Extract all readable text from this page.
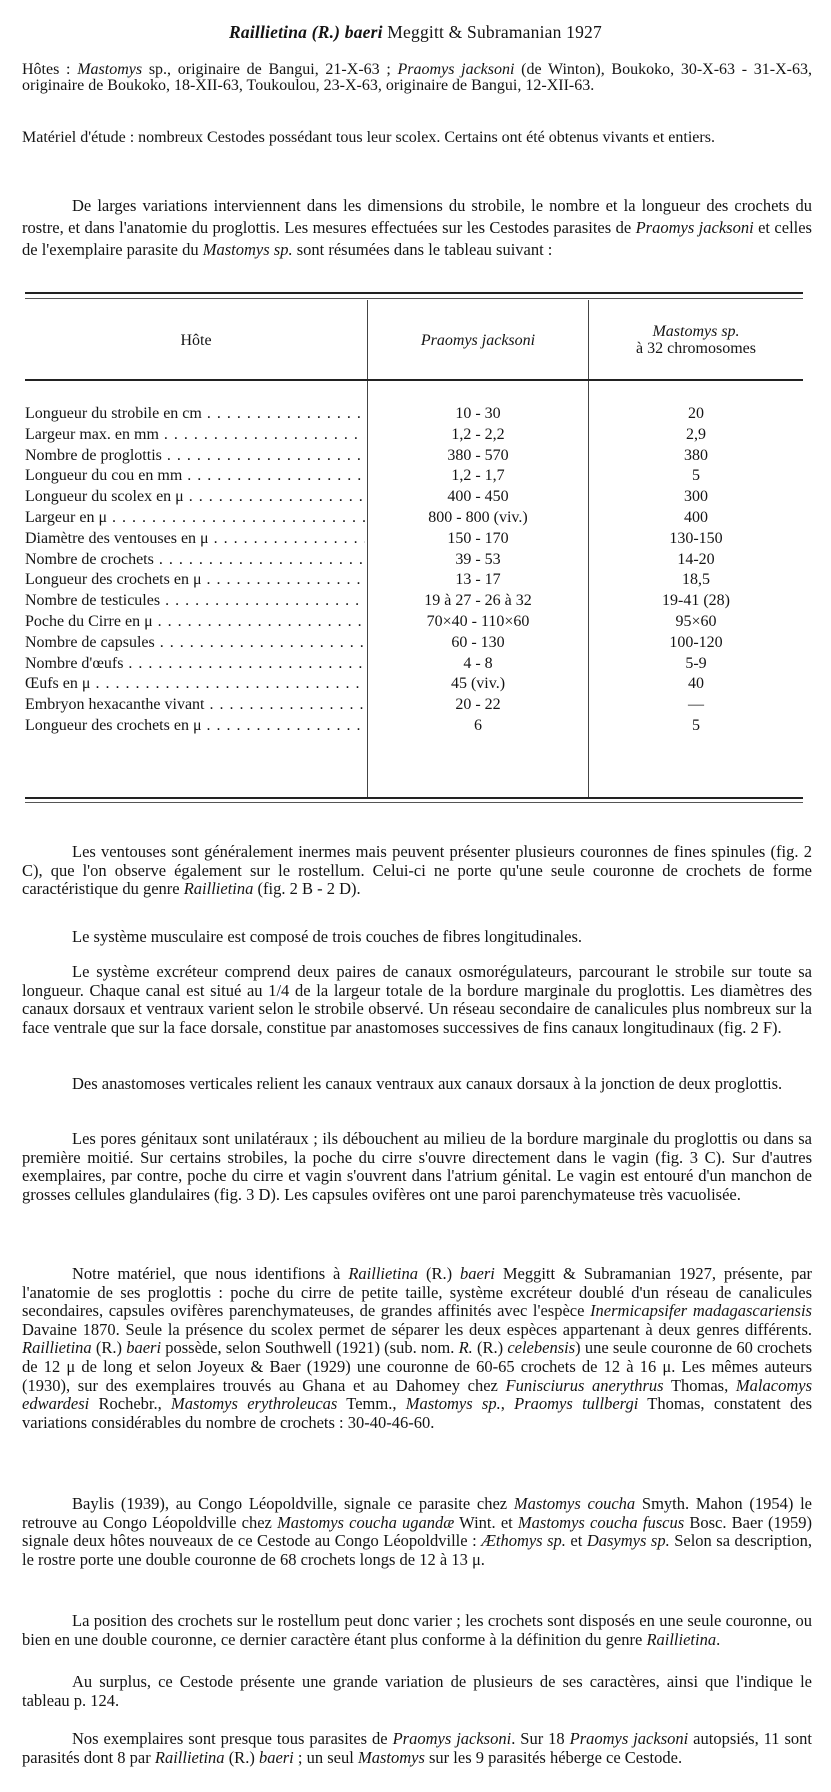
Raillietina (R.) baeri Meggitt & Subramanian 1927

Hôtes : Mastomys sp., originaire de Bangui, 21-X-63 ; Praomys jacksoni (de Winton), Boukoko, 30-X-63 - 31-X-63, originaire de Boukoko, 18-XII-63, Toukoulou, 23-X-63, originaire de Bangui, 12-XII-63.

Matériel d'étude : nombreux Cestodes possédant tous leur scolex. Certains ont été obtenus vivants et entiers.

De larges variations interviennent dans les dimensions du strobile, le nombre et la longueur des crochets du rostre, et dans l'anatomie du proglottis. Les mesures effectuées sur les Cestodes parasites de Praomys jacksoni et celles de l'exemplaire parasite du Mastomys sp. sont résumées dans le tableau suivant :

Hôte	Praomys jacksoni	Mastomys sp.
à 32 chromosomes
Longueur du strobile en cm . . .	10 - 30	20
Largeur max. en mm . . .	1,2 - 2,2	2,9
Nombre de proglottis . . .	380 - 570	380
Longueur du cou en mm . . .	1,2 - 1,7	5
Longueur du scolex en μ . . .	400 - 450	300
Largeur en μ . . .	800 - 800 (viv.)	400
Diamètre des ventouses en μ . . .	150 - 170	130-150
Nombre de crochets . . .	39 - 53	14-20
Longueur des crochets en μ . . .	13 - 17	18,5
Nombre de testicules . . .	19 à 27 - 26 à 32	19-41 (28)
Poche du Cirre en μ . . .	70×40 - 110×60	95×60
Nombre de capsules . . .	60 - 130	100-120
Nombre d'œufs . . .	4 - 8	5-9
Œufs en μ . . .	45 (viv.)	40
Embryon hexacanthe vivant . . .	20 - 22	—
Longueur des crochets en μ . . .	6	5

Les ventouses sont généralement inermes mais peuvent présenter plusieurs couronnes de fines spinules (fig. 2 C), que l'on observe également sur le rostellum. Celui-ci ne porte qu'une seule couronne de crochets de forme caractéristique du genre Raillietina (fig. 2 B - 2 D).

Le système musculaire est composé de trois couches de fibres longitudinales.

Le système excréteur comprend deux paires de canaux osmorégulateurs, parcourant le strobile sur toute sa longueur. Chaque canal est situé au 1/4 de la largeur totale de la bordure marginale du proglottis. Les diamètres des canaux dorsaux et ventraux varient selon le strobile observé. Un réseau secondaire de canalicules plus nombreux sur la face ventrale que sur la face dorsale, constitue par anastomoses successives de fins canaux longitudinaux (fig. 2 F).

Des anastomoses verticales relient les canaux ventraux aux canaux dorsaux à la jonction de deux proglottis.

Les pores génitaux sont unilatéraux ; ils débouchent au milieu de la bordure marginale du proglottis ou dans sa première moitié. Sur certains strobiles, la poche du cirre s'ouvre directement dans le vagin (fig. 3 C). Sur d'autres exemplaires, par contre, poche du cirre et vagin s'ouvrent dans l'atrium génital. Le vagin est entouré d'un manchon de grosses cellules glandulaires (fig. 3 D). Les capsules ovifères ont une paroi parenchymateuse très vacuolisée.

Notre matériel, que nous identifions à Raillietina (R.) baeri Meggitt & Subramanian 1927, présente, par l'anatomie de ses proglottis : poche du cirre de petite taille, système excréteur doublé d'un réseau de canalicules secondaires, capsules ovifères parenchymateuses, de grandes affinités avec l'espèce Inermicapsifer madagascariensis Davaine 1870. Seule la présence du scolex permet de séparer les deux espèces appartenant à deux genres différents. Raillietina (R.) baeri possède, selon Southwell (1921) (sub. nom. R. (R.) celebensis) une seule couronne de 60 crochets de 12 μ de long et selon Joyeux & Baer (1929) une couronne de 60-65 crochets de 12 à 16 μ. Les mêmes auteurs (1930), sur des exemplaires trouvés au Ghana et au Dahomey chez Funisciurus anerythrus Thomas, Malacomys edwardesi Rochebr., Mastomys erythroleucas Temm., Mastomys sp., Praomys tullbergi Thomas, constatent des variations considérables du nombre de crochets : 30-40-46-60.

Baylis (1939), au Congo Léopoldville, signale ce parasite chez Mastomys coucha Smyth. Mahon (1954) le retrouve au Congo Léopoldville chez Mastomys coucha ugandæ Wint. et Mastomys coucha fuscus Bosc. Baer (1959) signale deux hôtes nouveaux de ce Cestode au Congo Léopoldville : Æthomys sp. et Dasymys sp. Selon sa description, le rostre porte une double couronne de 68 crochets longs de 12 à 13 μ.

La position des crochets sur le rostellum peut donc varier ; les crochets sont disposés en une seule couronne, ou bien en une double couronne, ce dernier caractère étant plus conforme à la définition du genre Raillietina.

Au surplus, ce Cestode présente une grande variation de plusieurs de ses caractères, ainsi que l'indique le tableau p. 124.

Nos exemplaires sont presque tous parasites de Praomys jacksoni. Sur 18 Praomys jacksoni autopsiés, 11 sont parasités dont 8 par Raillietina (R.) baeri ; un seul Mastomys sur les 9 parasités héberge ce Cestode.
